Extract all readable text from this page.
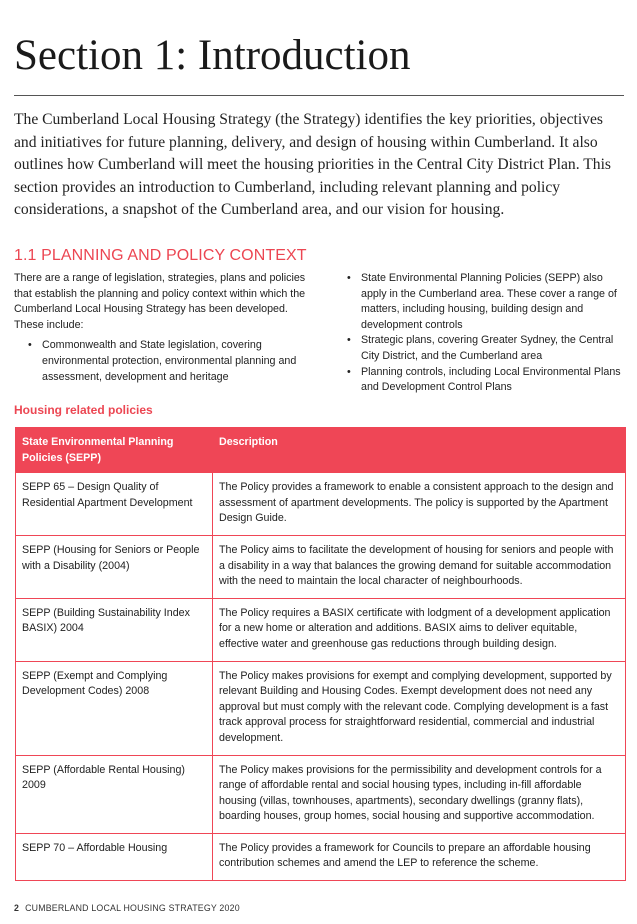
Section 1: Introduction

The Cumberland Local Housing Strategy (the Strategy) identifies the key priorities, objectives and initiatives for future planning, delivery, and design of housing within Cumberland. It also outlines how Cumberland will meet the housing priorities in the Central City District Plan. This section provides an introduction to Cumberland, including relevant planning and policy considerations, a snapshot of the Cumberland area, and our vision for housing.

1.1 PLANNING AND POLICY CONTEXT

There are a range of legislation, strategies, plans and policies that establish the planning and policy context within which the Cumberland Local Housing Strategy has been developed. These include:

• Commonwealth and State legislation, covering environmental protection, environmental planning and assessment, development and heritage
• State Environmental Planning Policies (SEPP) also apply in the Cumberland area. These cover a range of matters, including housing, building design and development controls
• Strategic plans, covering Greater Sydney, the Central City District, and the Cumberland area
• Planning controls, including Local Environmental Plans and Development Control Plans
Housing related policies
State Environmental Planning Policies (SEPP)	Description
SEPP 65 – Design Quality of Residential Apartment Development	The Policy provides a framework to enable a consistent approach to the design and assessment of apartment developments. The policy is supported by the Apartment Design Guide.
SEPP (Housing for Seniors or People with a Disability (2004)	The Policy aims to facilitate the development of housing for seniors and people with a disability in a way that balances the growing demand for suitable accommodation with the need to maintain the local character of neighbourhoods.
SEPP (Building Sustainability Index BASIX) 2004	The Policy requires a BASIX certificate with lodgment of a development application for a new home or alteration and additions. BASIX aims to deliver equitable, effective water and greenhouse gas reductions through building design.
SEPP (Exempt and Complying Development Codes) 2008	The Policy makes provisions for exempt and complying development, supported by relevant Building and Housing Codes. Exempt development does not need any approval but must comply with the relevant code. Complying development is a fast track approval process for straightforward residential, commercial and industrial development.
SEPP (Affordable Rental Housing) 2009	The Policy makes provisions for the permissibility and development controls for a range of affordable rental and social housing types, including in-fill affordable housing (villas, townhouses, apartments), secondary dwellings (granny flats), boarding houses, group homes, social housing and supportive accommodation.
SEPP 70 – Affordable Housing	The Policy provides a framework for Councils to prepare an affordable housing contribution schemes and amend the LEP to reference the scheme.
2 CUMBERLAND LOCAL HOUSING STRATEGY 2020
